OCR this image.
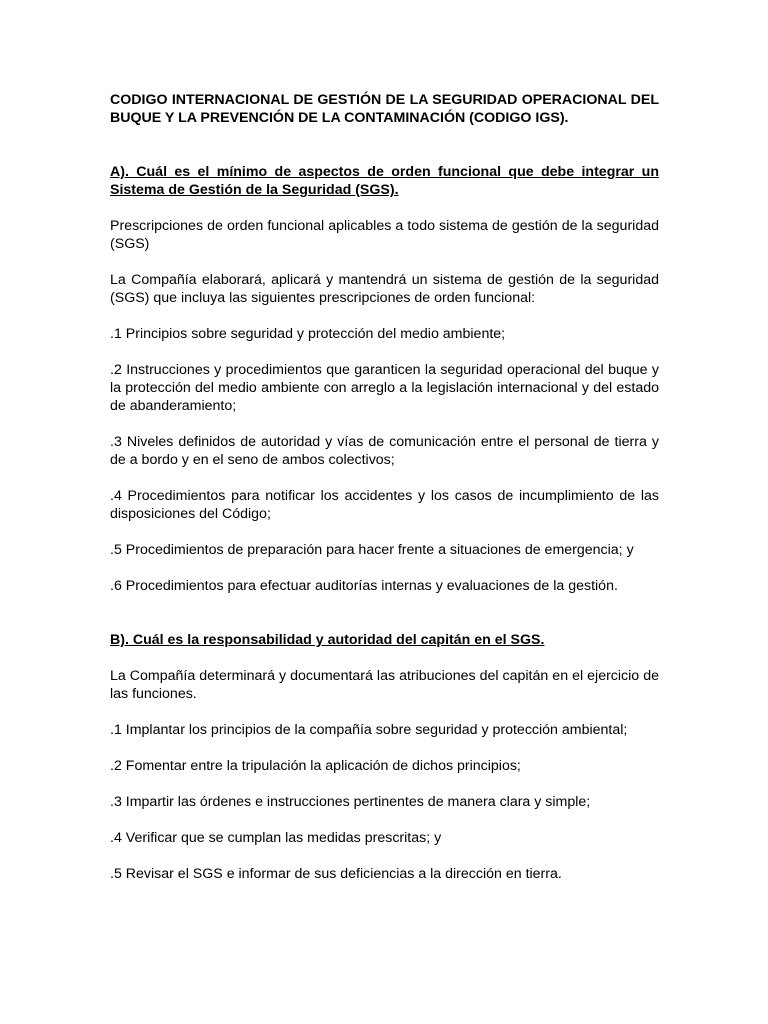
CODIGO INTERNACIONAL DE GESTIÓN DE LA SEGURIDAD OPERACIONAL DEL BUQUE Y LA PREVENCIÓN DE LA CONTAMINACIÓN (CODIGO IGS).

A). Cuál es el mínimo de aspectos de orden funcional que debe integrar un Sistema de Gestión de la Seguridad (SGS).

Prescripciones de orden funcional aplicables a todo sistema de gestión de la seguridad (SGS)

La Compañía elaborará, aplicará y mantendrá un sistema de gestión de la seguridad (SGS) que incluya las siguientes prescripciones de orden funcional:

.1 Principios sobre seguridad y protección del medio ambiente;

.2 Instrucciones y procedimientos que garanticen la seguridad operacional del buque y la protección del medio ambiente con arreglo a la legislación internacional y del estado de abanderamiento;

.3 Niveles definidos de autoridad y vías de comunicación entre el personal de tierra y de a bordo y en el seno de ambos colectivos;

.4 Procedimientos para notificar los accidentes y los casos de incumplimiento de las disposiciones del Código;

.5 Procedimientos de preparación para hacer frente a situaciones de emergencia; y

.6 Procedimientos para efectuar auditorías internas y evaluaciones de la gestión.

B). Cuál es la responsabilidad y autoridad del capitán en el SGS.

La Compañía determinará y documentará las atribuciones del capitán en el ejercicio de las funciones.

.1 Implantar los principios de la compañía sobre seguridad y protección ambiental;

.2 Fomentar entre la tripulación la aplicación de dichos principios;

.3 Impartir las órdenes e instrucciones pertinentes de manera clara y simple;

.4 Verificar que se cumplan las medidas prescritas; y

.5 Revisar el SGS e informar de sus deficiencias a la dirección en tierra.
